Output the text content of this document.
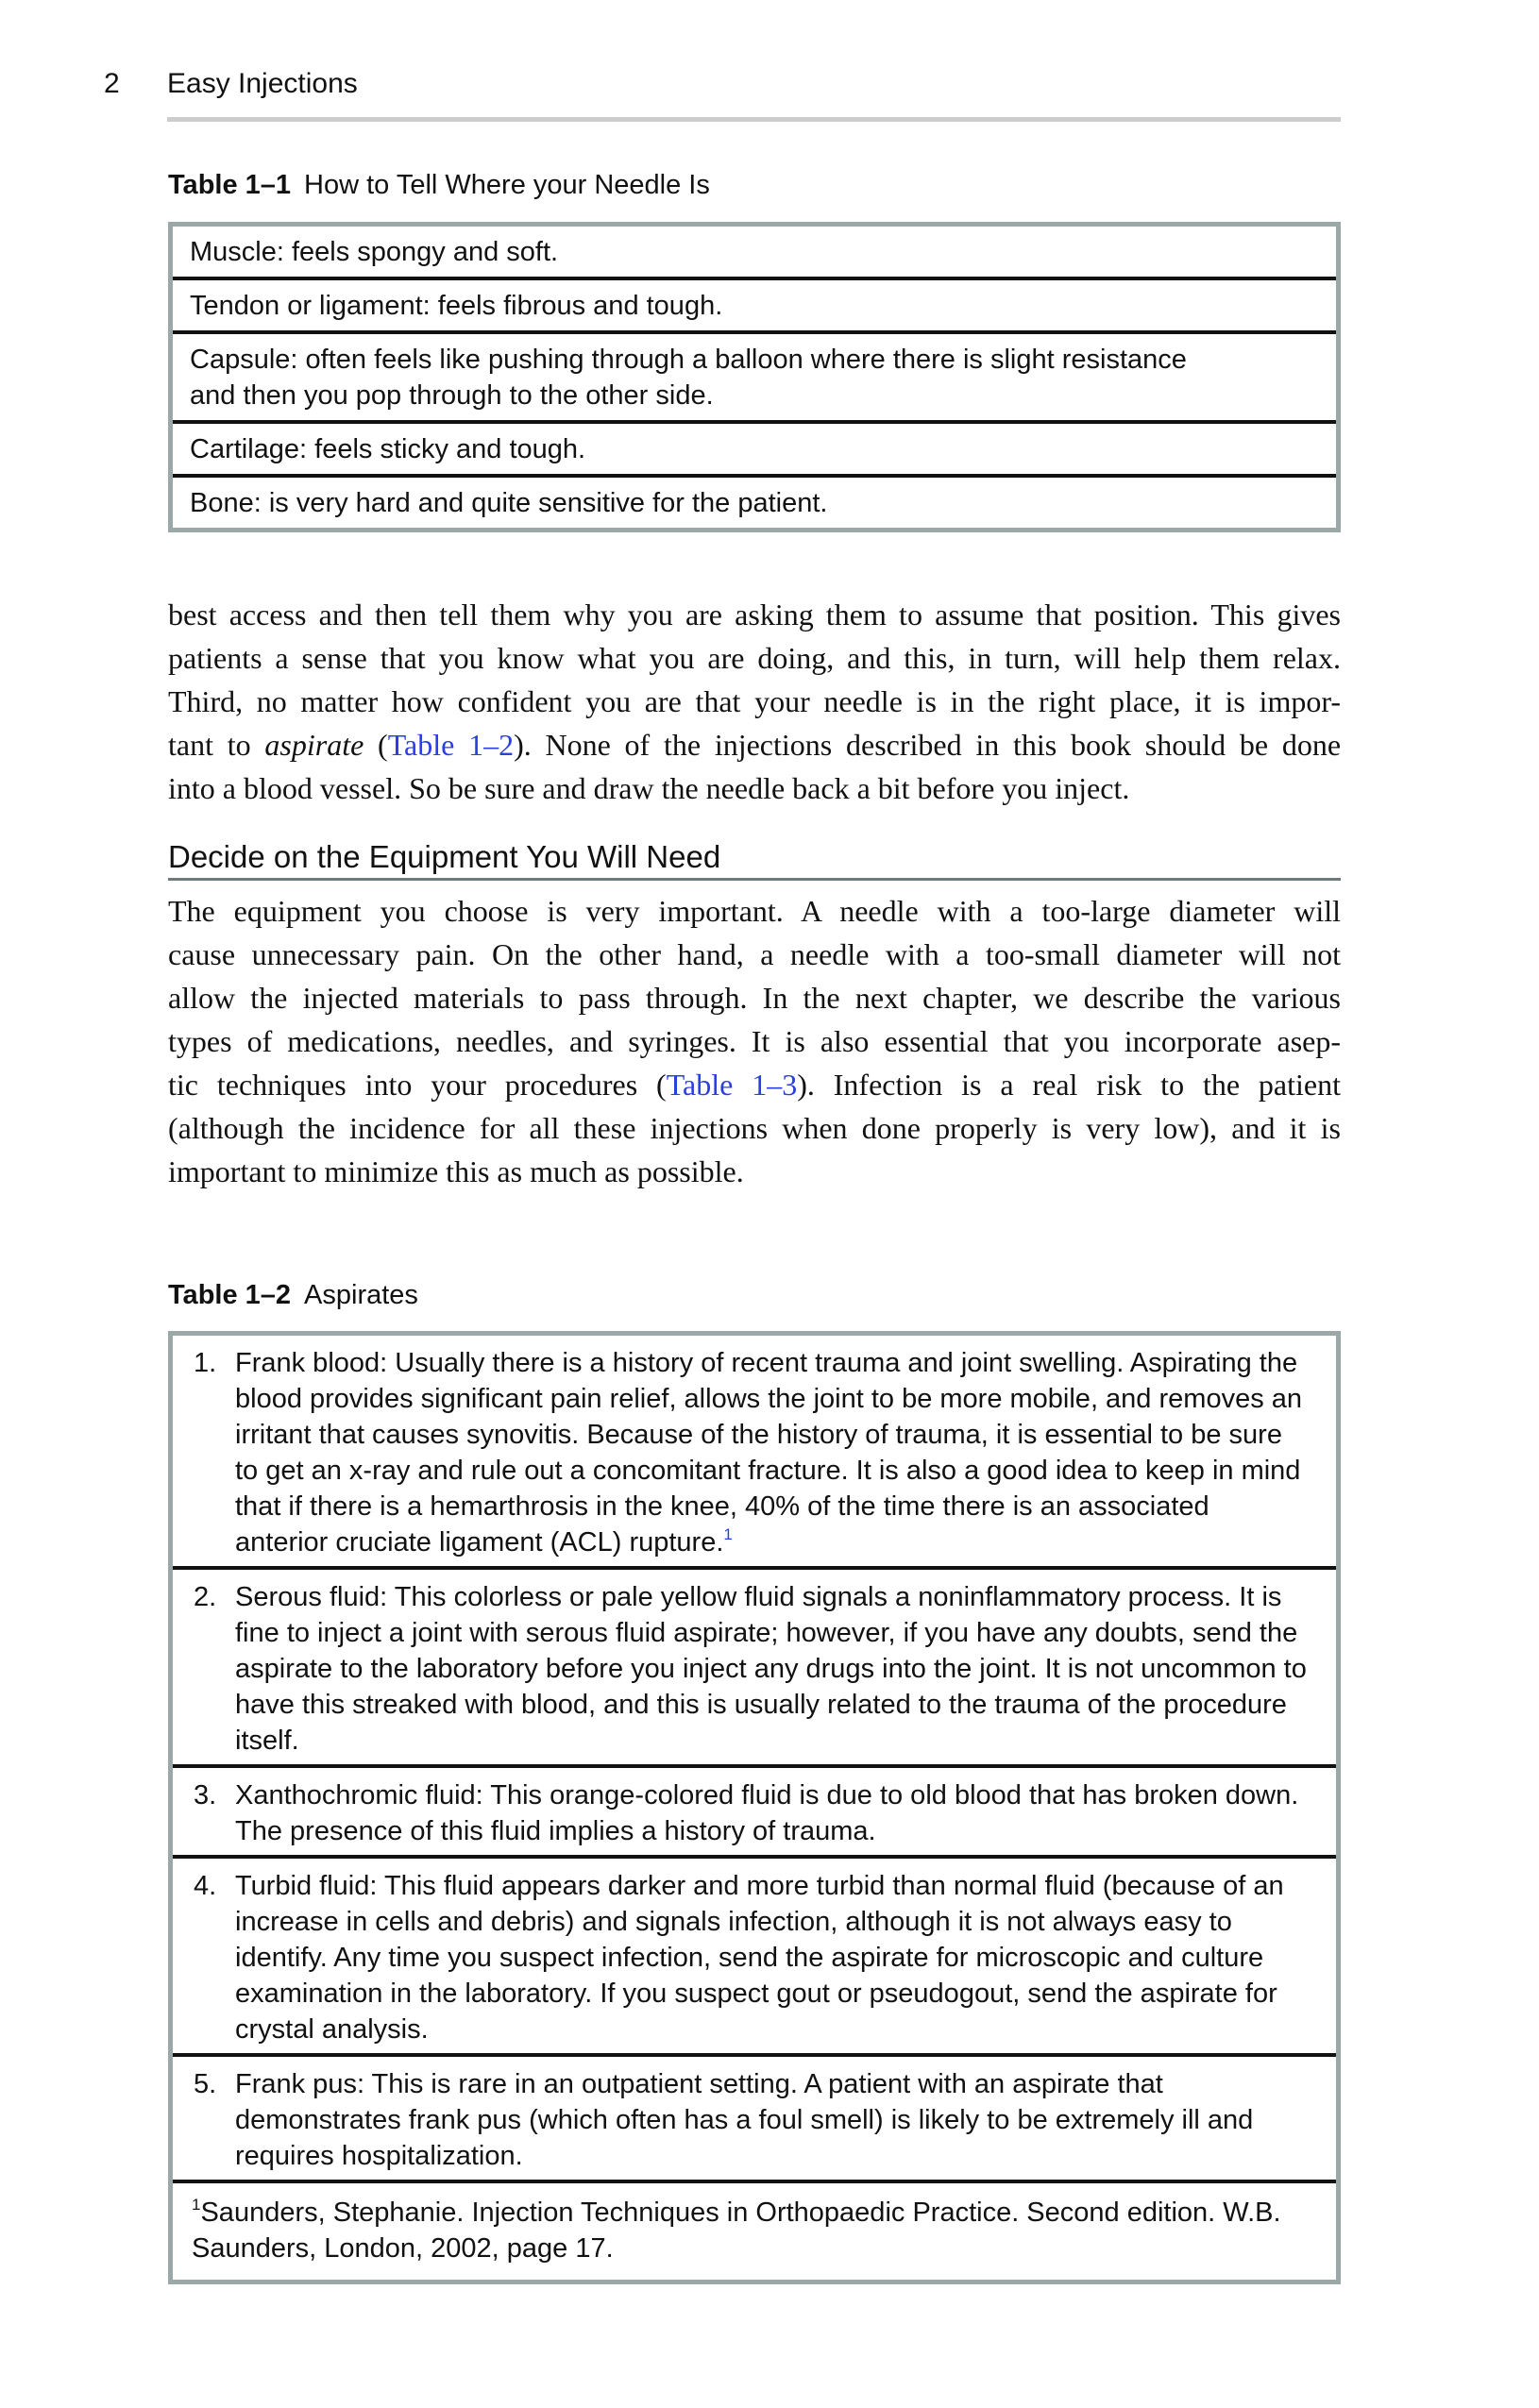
2 Easy Injections
Table 1–1 How to Tell Where your Needle Is
Muscle: feels spongy and soft.
Tendon or ligament: feels fibrous and tough.
Capsule: often feels like pushing through a balloon where there is slight resistance and then you pop through to the other side.
Cartilage: feels sticky and tough.
Bone: is very hard and quite sensitive for the patient.
best access and then tell them why you are asking them to assume that position. This gives
patients a sense that you know what you are doing, and this, in turn, will help them relax.
Third, no matter how confident you are that your needle is in the right place, it is impor-
tant to aspirate (Table 1–2). None of the injections described in this book should be done
into a blood vessel. So be sure and draw the needle back a bit before you inject.
Decide on the Equipment You Will Need
The equipment you choose is very important. A needle with a too-large diameter will
cause unnecessary pain. On the other hand, a needle with a too-small diameter will not
allow the injected materials to pass through. In the next chapter, we describe the various
types of medications, needles, and syringes. It is also essential that you incorporate asep-
tic techniques into your procedures (Table 1–3). Infection is a real risk to the patient
(although the incidence for all these injections when done properly is very low), and it is
important to minimize this as much as possible.
Table 1–2 Aspirates
1. Frank blood: Usually there is a history of recent trauma and joint swelling. Aspirating the blood provides significant pain relief, allows the joint to be more mobile, and removes an irritant that causes synovitis. Because of the history of trauma, it is essential to be sure to get an x-ray and rule out a concomitant fracture. It is also a good idea to keep in mind that if there is a hemarthrosis in the knee, 40% of the time there is an associated anterior cruciate ligament (ACL) rupture.$^1$
2. Serous fluid: This colorless or pale yellow fluid signals a noninflammatory process. It is fine to inject a joint with serous fluid aspirate; however, if you have any doubts, send the aspirate to the laboratory before you inject any drugs into the joint. It is not uncommon to have this streaked with blood, and this is usually related to the trauma of the procedure itself.
3. Xanthochromic fluid: This orange-colored fluid is due to old blood that has broken down. The presence of this fluid implies a history of trauma.
4. Turbid fluid: This fluid appears darker and more turbid than normal fluid (because of an increase in cells and debris) and signals infection, although it is not always easy to identify. Any time you suspect infection, send the aspirate for microscopic and culture examination in the laboratory. If you suspect gout or pseudogout, send the aspirate for crystal analysis.
5. Frank pus: This is rare in an outpatient setting. A patient with an aspirate that demonstrates frank pus (which often has a foul smell) is likely to be extremely ill and requires hospitalization.
$^1$Saunders, Stephanie. Injection Techniques in Orthopaedic Practice. Second edition. W.B. Saunders, London, 2002, page 17.
